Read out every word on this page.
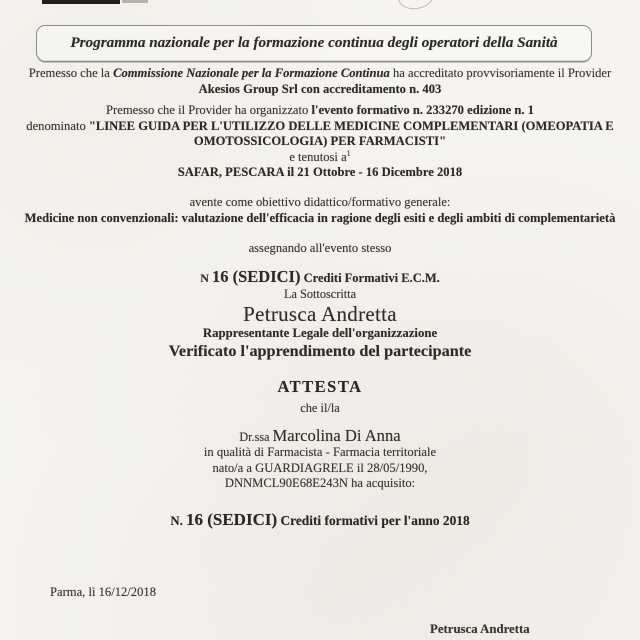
Programma nazionale per la formazione continua degli operatori della Sanità
Premesso che la Commissione Nazionale per la Formazione Continua ha accreditato provvisoriamente il Provider Akesios Group Srl con accreditamento n. 403
Premesso che il Provider ha organizzato l'evento formativo n. 233270 edizione n. 1
denominato "LINEE GUIDA PER L'UTILIZZO DELLE MEDICINE COMPLEMENTARI (OMEOPATIA E OMOTOSSICOLOGIA) PER FARMACISTI"
e tenutosi $a^1$
SAFAR, PESCARA il 21 Ottobre - 16 Dicembre 2018
avente come obiettivo didattico/formativo generale:
Medicine non convenzionali: valutazione dell'efficacia in ragione degli esiti e degli ambiti di complementarietà
assegnando all'evento stesso
N 16 (SEDICI) Crediti Formativi E.C.M.
La Sottoscritta
Petrusca Andretta
Rappresentante Legale dell'organizzazione
Verificato l'apprendimento del partecipante
ATTESTA
che il/la
Dr.ssa Marcolina Di Anna
in qualità di Farmacista - Farmacia territoriale
nato/a a GUARDIAGRELE il 28/05/1990,
DNNMCL90E68E243N ha acquisito:
N. 16 (SEDICI) Crediti formativi per l'anno 2018
Parma, lì 16/12/2018
Petrusca Andretta
